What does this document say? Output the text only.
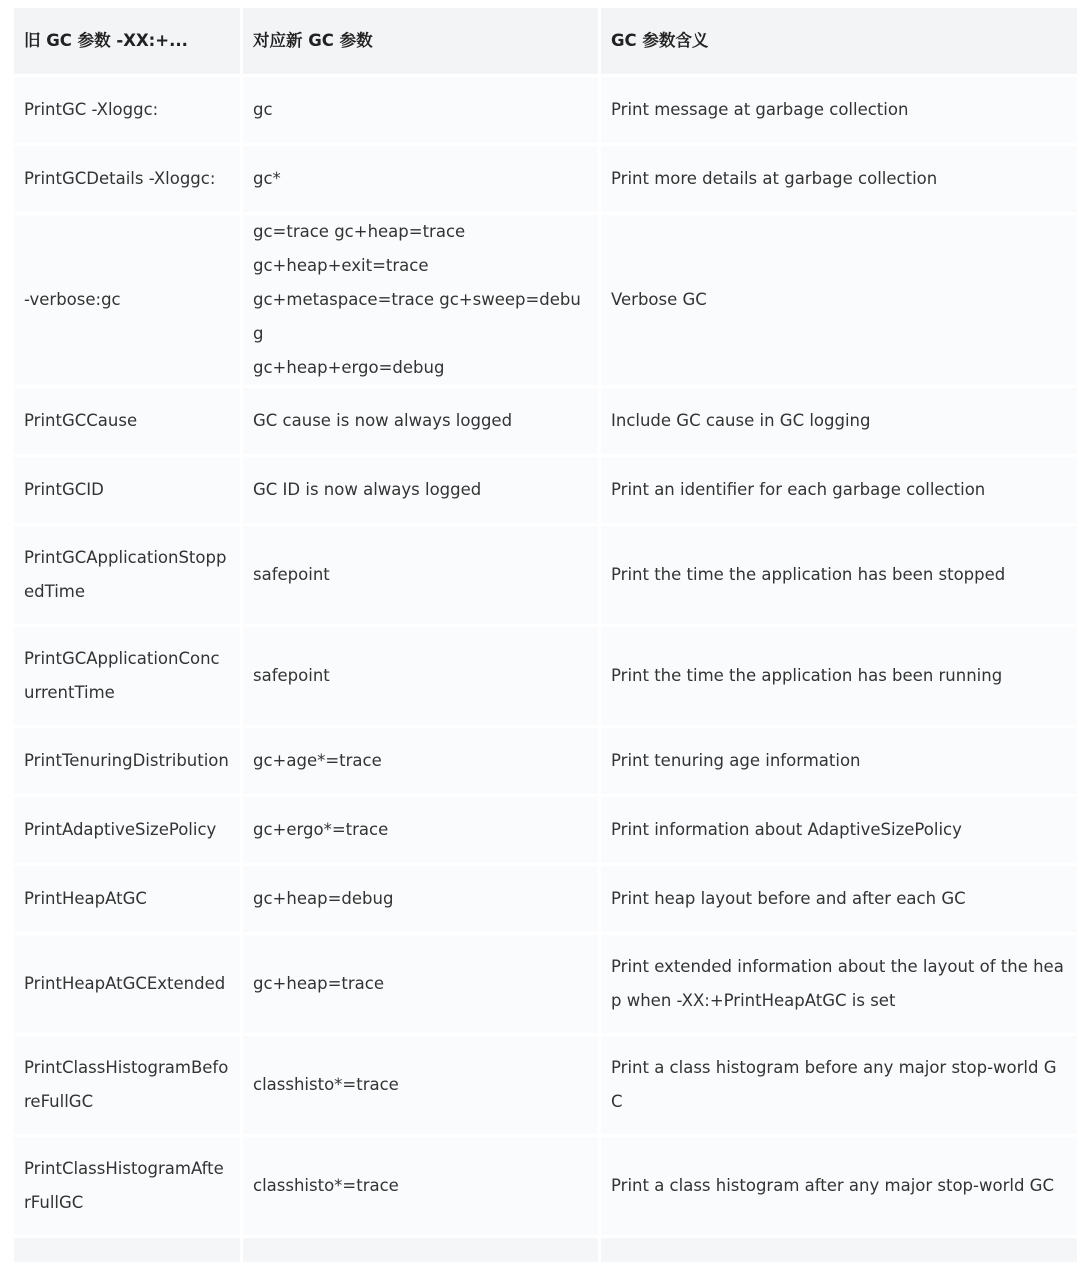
旧 GC 参数 -XX:+...	对应新 GC 参数	GC 参数含义
PrintGC -Xloggc:	gc	Print message at garbage collection
PrintGCDetails -Xloggc:	gc*	Print more details at garbage collection
-verbose:gc	gc=trace gc+heap=trace
gc+heap+exit=trace
gc+metaspace=trace gc+sweep=debug
gc+heap+ergo=debug	Verbose GC
PrintGCCause	GC cause is now always logged	Include GC cause in GC logging
PrintGCID	GC ID is now always logged	Print an identifier for each garbage collection
PrintGCApplicationStoppedTime	safepoint	Print the time the application has been stopped
PrintGCApplicationConcurrentTime	safepoint	Print the time the application has been running
PrintTenuringDistribution	gc+age*=trace	Print tenuring age information
PrintAdaptiveSizePolicy	gc+ergo*=trace	Print information about AdaptiveSizePolicy
PrintHeapAtGC	gc+heap=debug	Print heap layout before and after each GC
PrintHeapAtGCExtended	gc+heap=trace	Print extended information about the layout of the heap when -XX:+PrintHeapAtGC is set
PrintClassHistogramBeforeFullGC	classhisto*=trace	Print a class histogram before any major stop-world GC
PrintClassHistogramAfterFullGC	classhisto*=trace	Print a class histogram after any major stop-world GC
